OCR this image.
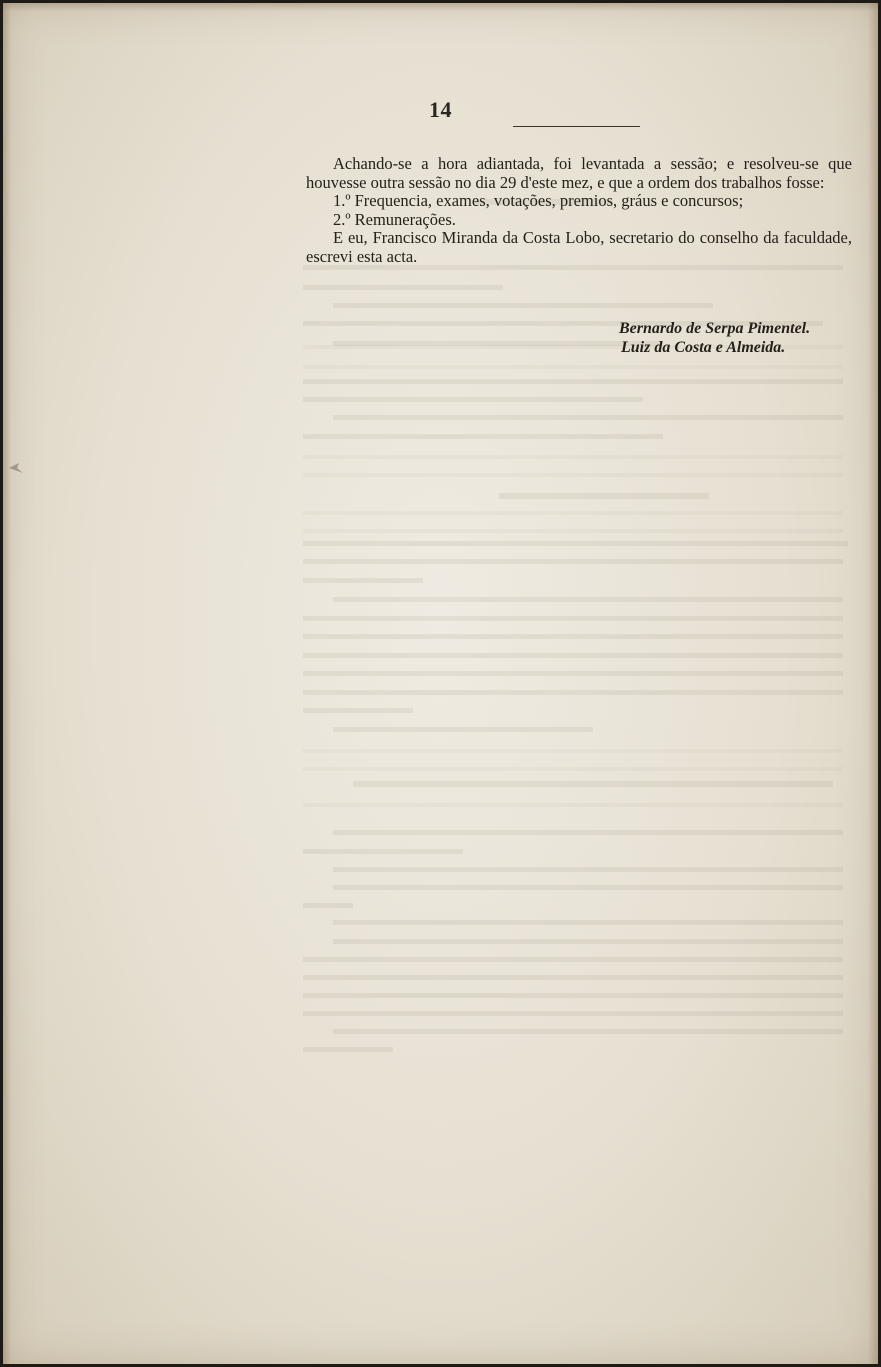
14

Achando-se a hora adiantada, foi levantada a sessão; e resolveu-se que houvesse outra sessão no dia 29 d'este mez, e que a ordem dos trabalhos fosse:

1.º Frequencia, exames, votações, premios, gráus e concursos;

2.º Remunerações.

E eu, Francisco Miranda da Costa Lobo, secretario do conselho da faculdade, escrevi esta acta.

Bernardo de Serpa Pimentel.
Luiz da Costa e Almeida.
